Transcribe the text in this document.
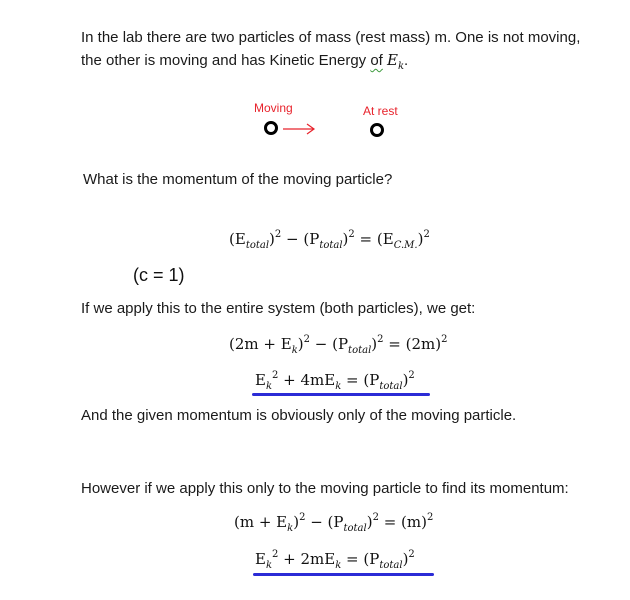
In the lab there are two particles of mass (rest mass) m. One is not moving,
the other is moving and has Kinetic Energy of $E_k$.
Moving	At rest
What is the momentum of the moving particle?
$(E_{total})^2 - (P_{total})^2 = (E_{C.M.})^2$
(c = 1)
If we apply this to the entire system (both particles), we get:
$(2m + E_k)^2 - (P_{total})^2 = (2m)^2$
$E_k^2 + 4mE_k = (P_{total})^2$
And the given momentum is obviously only of the moving particle.
However if we apply this only to the moving particle to find its momentum:
$(m + E_k)^2 - (P_{total})^2 = (m)^2$
$E_k^2 + 2mE_k = (P_{total})^2$
